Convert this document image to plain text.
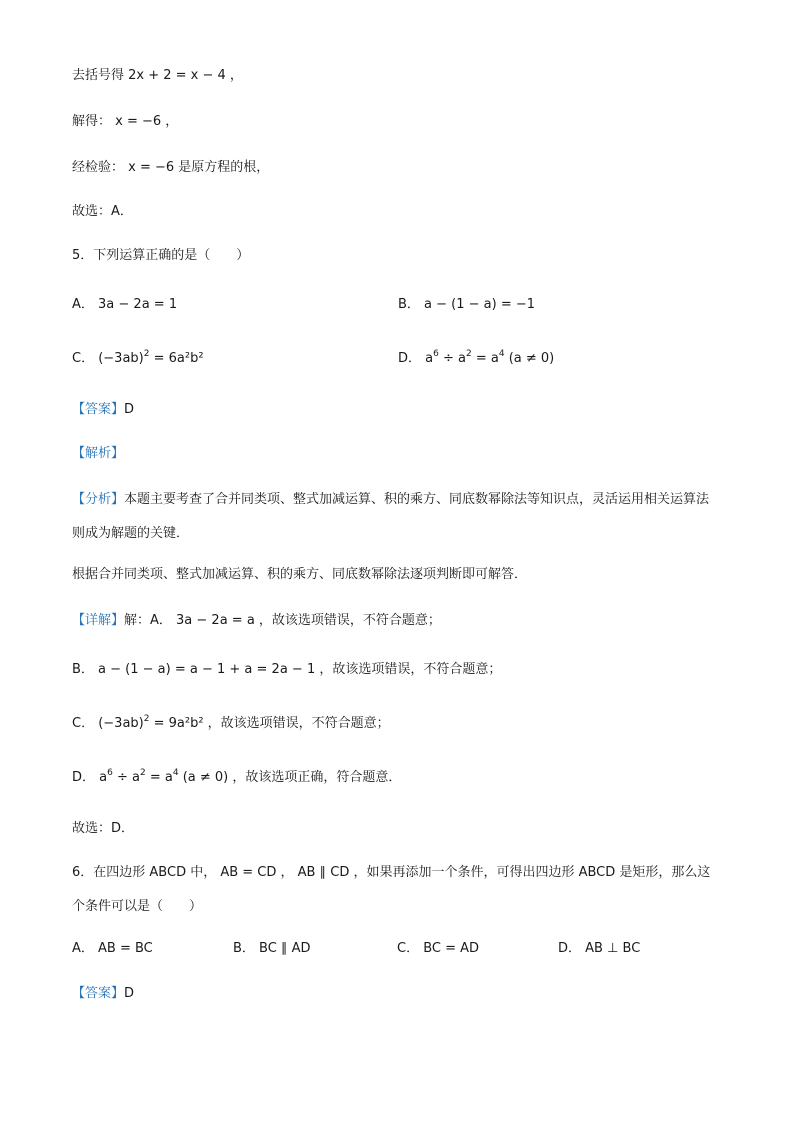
去括号得 2x + 2 = x − 4 ，
解得： x = −6 ，
经检验： x = −6 是原方程的根，
故选：A．
5．下列运算正确的是（　　）
A． 3a − 2a = 1	B． a − (1 − a) = −1
C． $(-3ab)^2 = 6a^2b^2$	D． $a^6 \div a^2 = a^4$ (a ≠ 0)
【答案】D
【解析】
【分析】本题主要考查了合并同类项、整式加减运算、积的乘方、同底数幂除法等知识点，灵活运用相关运算法则成为解题的关键．
根据合并同类项、整式加减运算、积的乘方、同底数幂除法逐项判断即可解答．
【详解】解：A． 3a − 2a = a ，故该选项错误，不符合题意；
B． a − (1 − a) = a − 1 + a = 2a − 1 ，故该选项错误，不符合题意；
C． $(-3ab)^2 = 9a^2b^2$ ，故该选项错误，不符合题意；
D． $a^6 \div a^2 = a^4$ (a ≠ 0) ，故该选项正确，符合题意．
故选：D．
6．在四边形 ABCD 中， AB = CD ， AB ∥ CD ，如果再添加一个条件，可得出四边形 ABCD 是矩形，那么这个条件可以是（　　）
A． AB = BC	B． BC ∥ AD	C． BC = AD	D． AB ⊥ BC
【答案】D
